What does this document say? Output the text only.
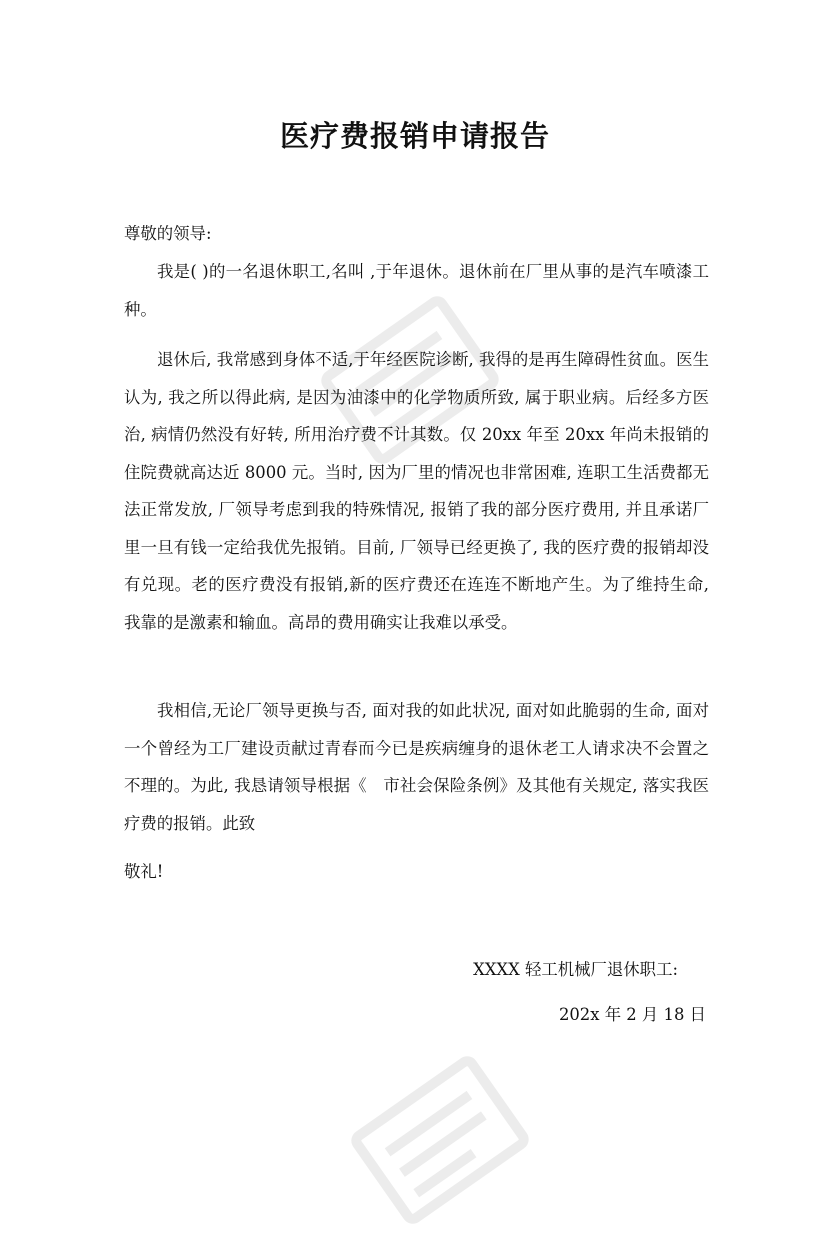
医疗费报销申请报告

尊敬的领导:

我是( )的一名退休职工,名叫 ,于年退休。退休前在厂里从事的是汽车喷漆工种。

退休后, 我常感到身体不适,于年经医院诊断, 我得的是再生障碍性贫血。医生认为, 我之所以得此病, 是因为油漆中的化学物质所致, 属于职业病。后经多方医治, 病情仍然没有好转, 所用治疗费不计其数。仅 20xx 年至 20xx 年尚未报销的住院费就高达近 8000 元。当时, 因为厂里的情况也非常困难, 连职工生活费都无法正常发放, 厂领导考虑到我的特殊情况, 报销了我的部分医疗费用, 并且承诺厂里一旦有钱一定给我优先报销。目前, 厂领导已经更换了, 我的医疗费的报销却没有兑现。老的医疗费没有报销,新的医疗费还在连连不断地产生。为了维持生命, 我靠的是激素和输血。高昂的费用确实让我难以承受。

我相信,无论厂领导更换与否, 面对我的如此状况, 面对如此脆弱的生命, 面对一个曾经为工厂建设贡献过青春而今已是疾病缠身的退休老工人请求决不会置之不理的。为此, 我恳请领导根据《　市社会保险条例》及其他有关规定, 落实我医疗费的报销。此致

敬礼!

XXXX 轻工机械厂退休职工:

202x 年 2 月 18 日
